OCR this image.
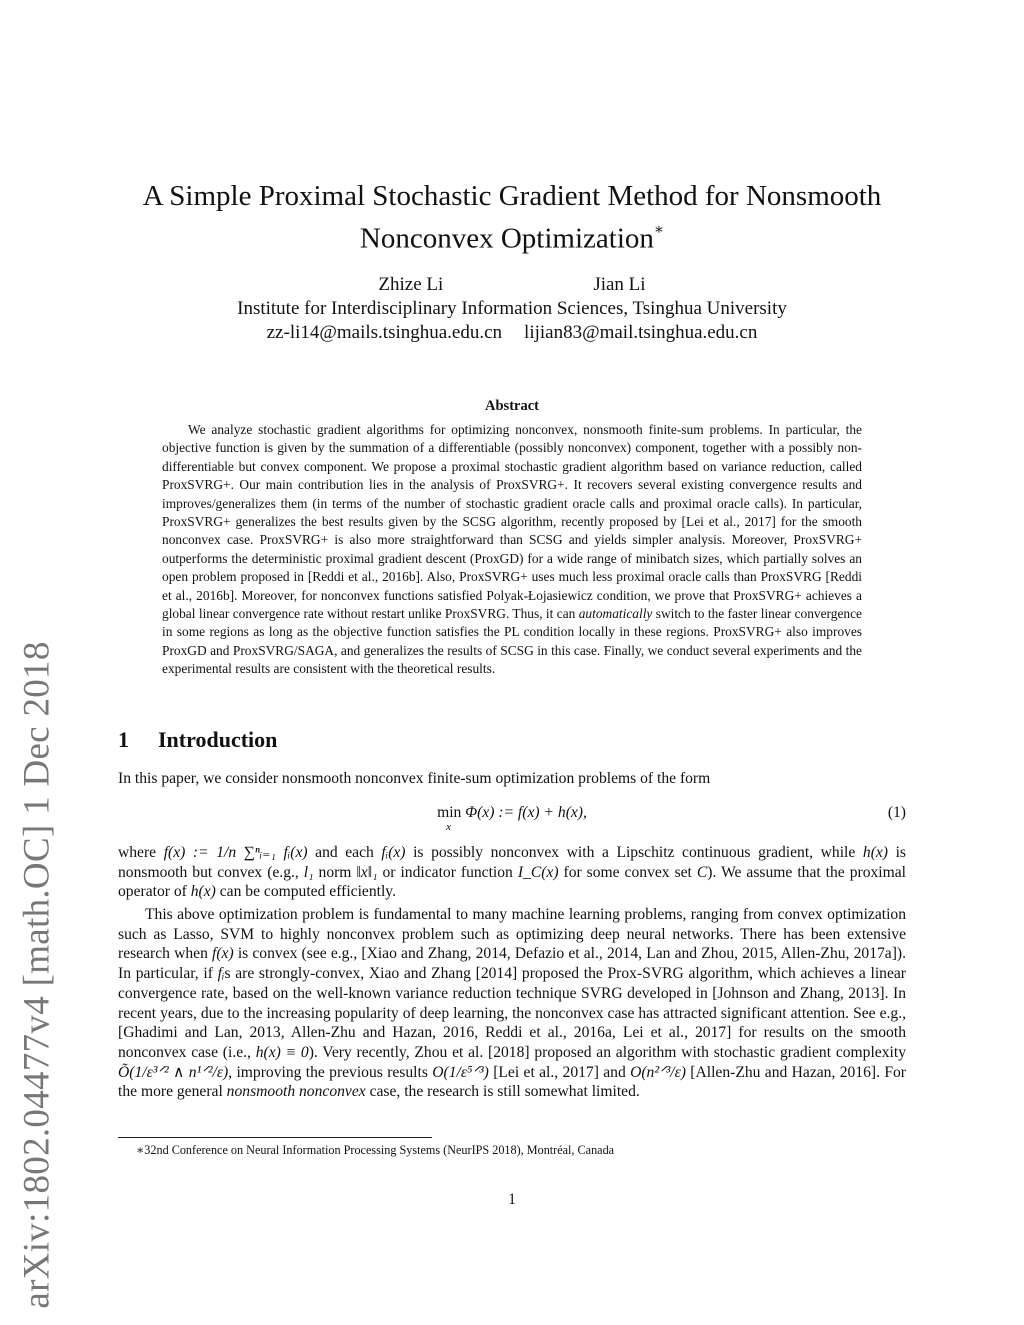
arXiv:1802.04477v4 [math.OC] 1 Dec 2018
A Simple Proximal Stochastic Gradient Method for Nonsmooth
Nonconvex Optimization∗
Zhize Li	Jian Li
Institute for Interdisciplinary Information Sciences, Tsinghua University
zz-li14@mails.tsinghua.edu.cn lijian83@mail.tsinghua.edu.cn
Abstract
We analyze stochastic gradient algorithms for optimizing nonconvex, nonsmooth finite-sum problems. In particular, the objective function is given by the summation of a differentiable (possibly nonconvex) component, together with a possibly non-differentiable but convex component. We propose a proximal stochastic gradient algorithm based on variance reduction, called ProxSVRG+. Our main contribution lies in the analysis of ProxSVRG+. It recovers several existing convergence results and improves/generalizes them (in terms of the number of stochastic gradient oracle calls and proximal oracle calls). In particular, ProxSVRG+ generalizes the best results given by the SCSG algorithm, recently proposed by [Lei et al., 2017] for the smooth nonconvex case. ProxSVRG+ is also more straightforward than SCSG and yields simpler analysis. Moreover, ProxSVRG+ outperforms the deterministic proximal gradient descent (ProxGD) for a wide range of minibatch sizes, which partially solves an open problem proposed in [Reddi et al., 2016b]. Also, ProxSVRG+ uses much less proximal oracle calls than ProxSVRG [Reddi et al., 2016b]. Moreover, for nonconvex functions satisfied Polyak-Łojasiewicz condition, we prove that ProxSVRG+ achieves a global linear convergence rate without restart unlike ProxSVRG. Thus, it can automatically switch to the faster linear convergence in some regions as long as the objective function satisfies the PL condition locally in these regions. ProxSVRG+ also improves ProxGD and ProxSVRG/SAGA, and generalizes the results of SCSG in this case. Finally, we conduct several experiments and the experimental results are consistent with the theoretical results.
1 Introduction
In this paper, we consider nonsmooth nonconvex finite-sum optimization problems of the form
min
x
Φ(x) := f(x) + h(x),	(1)
where f(x) := 1/n ∑ⁿᵢ₌₁ fᵢ(x) and each fᵢ(x) is possibly nonconvex with a Lipschitz continuous gradient, while h(x) is nonsmooth but convex (e.g., l₁ norm ‖x‖₁ or indicator function I_C(x) for some convex set C). We assume that the proximal operator of h(x) can be computed efficiently.
This above optimization problem is fundamental to many machine learning problems, ranging from convex optimization such as Lasso, SVM to highly nonconvex problem such as optimizing deep neural networks. There has been extensive research when f(x) is convex (see e.g., [Xiao and Zhang, 2014, Defazio et al., 2014, Lan and Zhou, 2015, Allen-Zhu, 2017a]). In particular, if fᵢs are strongly-convex, Xiao and Zhang [2014] proposed the Prox-SVRG algorithm, which achieves a linear convergence rate, based on the well-known variance reduction technique SVRG developed in [Johnson and Zhang, 2013]. In recent years, due to the increasing popularity of deep learning, the nonconvex case has attracted significant attention. See e.g., [Ghadimi and Lan, 2013, Allen-Zhu and Hazan, 2016, Reddi et al., 2016a, Lei et al., 2017] for results on the smooth nonconvex case (i.e., h(x) ≡ 0). Very recently, Zhou et al. [2018] proposed an algorithm with stochastic gradient complexity Õ(1/ε³ᐟ² ∧ n¹ᐟ²/ε), improving the previous results O(1/ε⁵ᐟ³) [Lei et al., 2017] and O(n²ᐟ³/ε) [Allen-Zhu and Hazan, 2016]. For the more general nonsmooth nonconvex case, the research is still somewhat limited.
∗32nd Conference on Neural Information Processing Systems (NeurIPS 2018), Montréal, Canada
1
